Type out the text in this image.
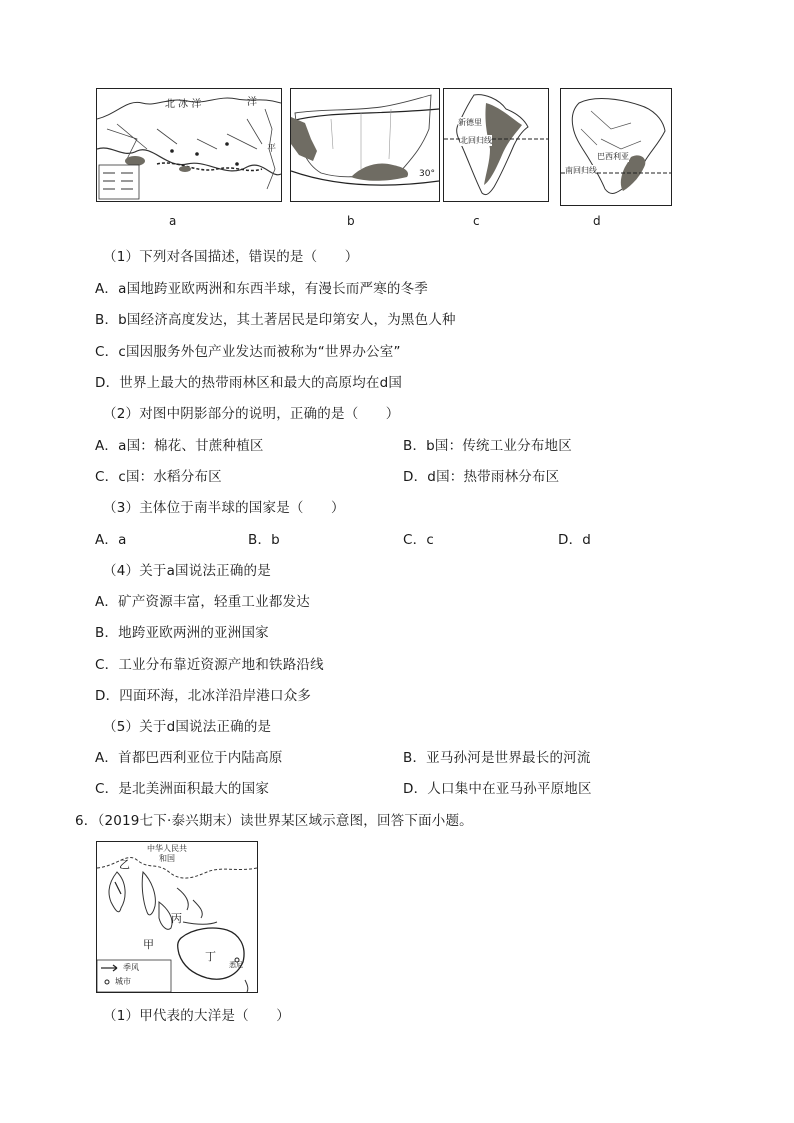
北 冰 洋	洋
平
30°
新德里
北回归线
巴西利亚
南回归线
a	b	c	d
（1）下列对各国描述，错误的是（　　）
A．a国地跨亚欧两洲和东西半球，有漫长而严寒的冬季
B．b国经济高度发达，其土著居民是印第安人，为黑色人种
C．c国因服务外包产业发达而被称为“世界办公室”
D．世界上最大的热带雨林区和最大的高原均在d国
（2）对图中阴影部分的说明，正确的是（　　）
A．a国：棉花、甘蔗种植区	B．b国：传统工业分布地区
C．c国：水稻分布区	D．d国：热带雨林分布区
（3）主体位于南半球的国家是（　　）
A．a	B．b	C．c	D．d
（4）关于a国说法正确的是
A．矿产资源丰富，轻重工业都发达
B．地跨亚欧两洲的亚洲国家
C．工业分布靠近资源产地和铁路沿线
D．四面环海，北冰洋沿岸港口众多
（5）关于d国说法正确的是
A．首都巴西利亚位于内陆高原	B．亚马孙河是世界最长的河流
C．是北美洲面积最大的国家	D．人口集中在亚马孙平原地区
6．（2019七下·泰兴期末）读世界某区域示意图，回答下面小题。
中华人民共和国
乙
丙
甲
丁
悉尼
季风
城市
（1）甲代表的大洋是（　　）
